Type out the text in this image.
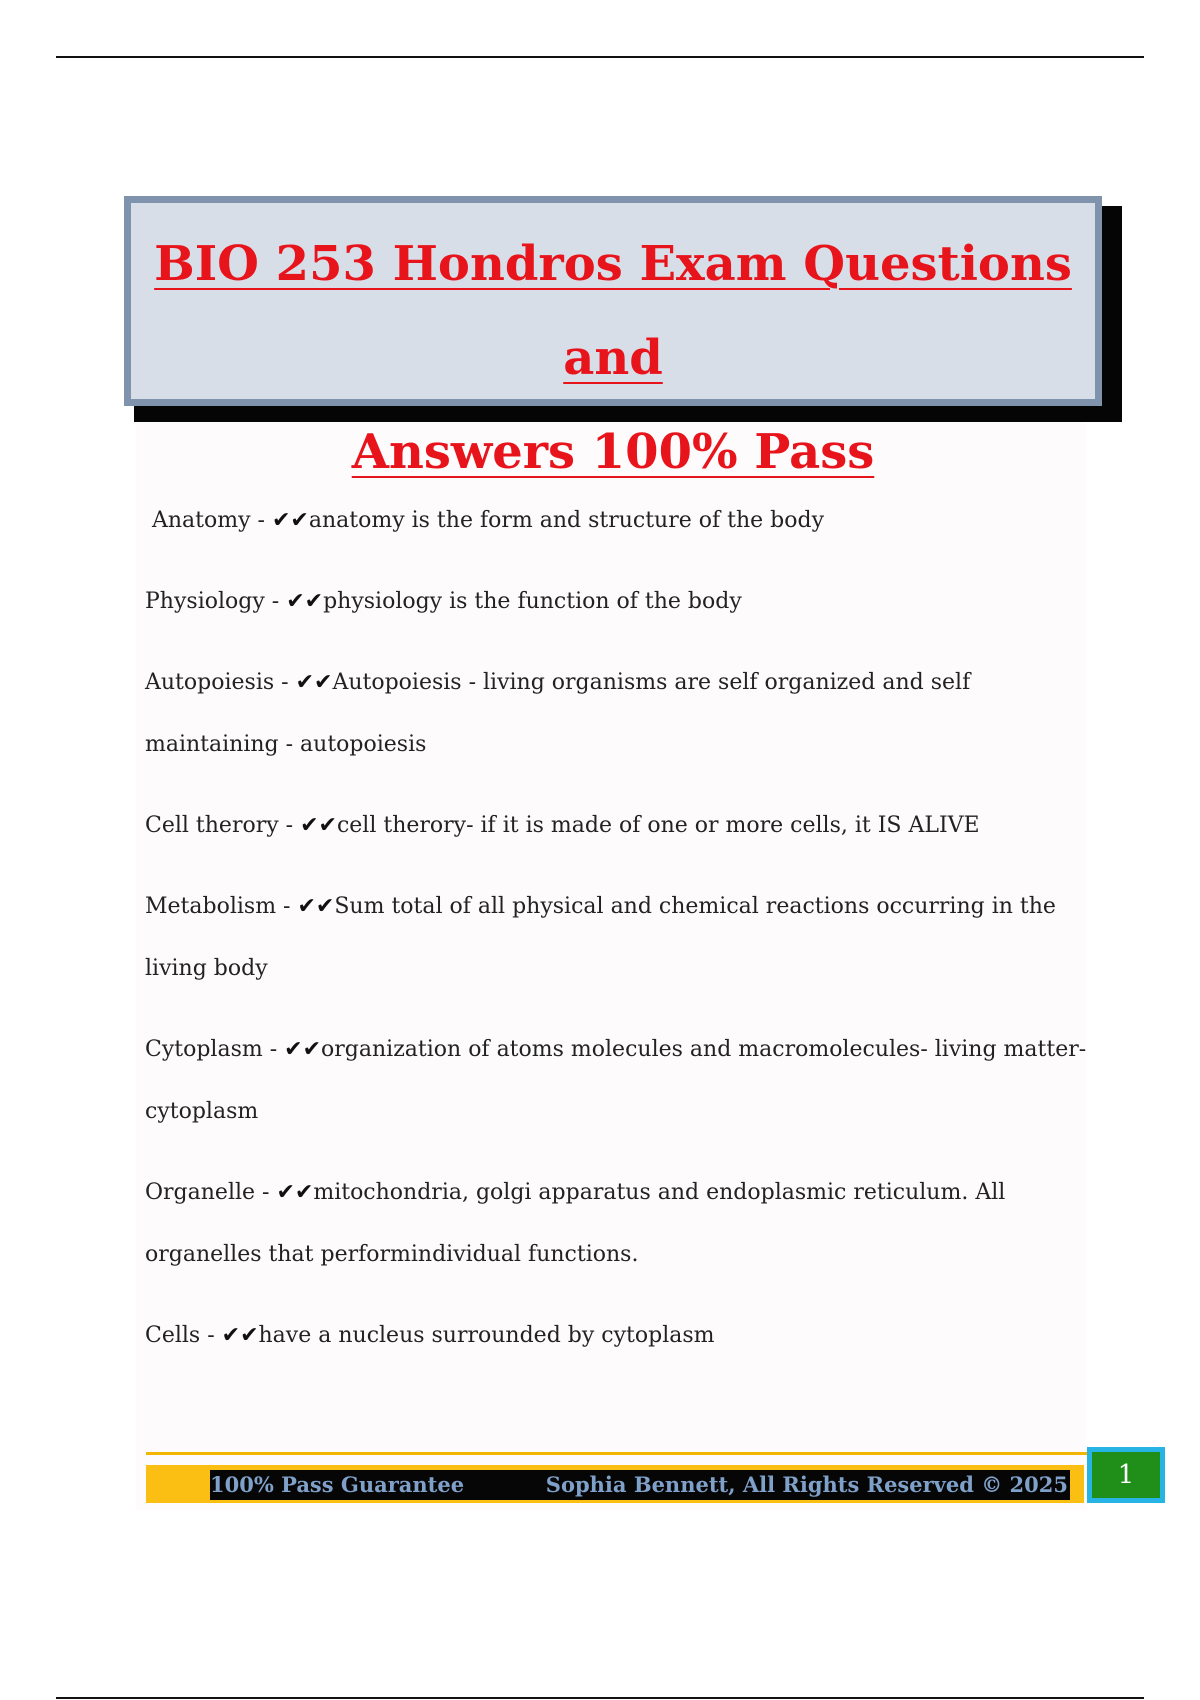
BIO 253 Hondros Exam Questions and
Answers 100% Pass
Anatomy - ✔✔anatomy is the form and structure of the body
Physiology - ✔✔physiology is the function of the body
Autopoiesis - ✔✔Autopoiesis - living organisms are self organized and self maintaining - autopoiesis
Cell therory - ✔✔cell therory- if it is made of one or more cells, it IS ALIVE
Metabolism - ✔✔Sum total of all physical and chemical reactions occurring in the living body
Cytoplasm - ✔✔organization of atoms molecules and macromolecules- living matter- cytoplasm
Organelle - ✔✔mitochondria, golgi apparatus and endoplasmic reticulum. All organelles that performindividual functions.
Cells - ✔✔have a nucleus surrounded by cytoplasm
100% Pass Guarantee	Sophia Bennett, All Rights Reserved © 2025	1
